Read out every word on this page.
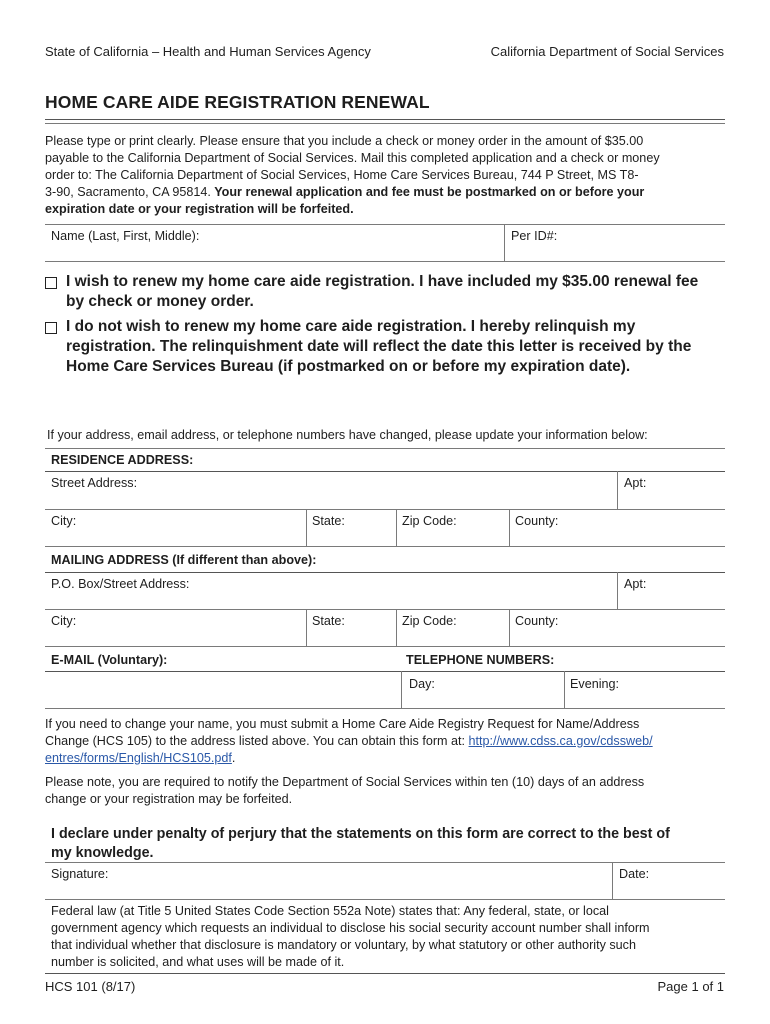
State of California – Health and Human Services Agency	California Department of Social Services
HOME CARE AIDE REGISTRATION RENEWAL
Please type or print clearly. Please ensure that you include a check or money order in the amount of $35.00
payable to the California Department of Social Services. Mail this completed application and a check or money
order to: The California Department of Social Services, Home Care Services Bureau, 744 P Street, MS T8-
3-90, Sacramento, CA 95814. Your renewal application and fee must be postmarked on or before your
expiration date or your registration will be forfeited.
Name (Last, First, Middle):	Per ID#:
I wish to renew my home care aide registration. I have included my $35.00 renewal fee
by check or money order.
I do not wish to renew my home care aide registration. I hereby relinquish my
registration. The relinquishment date will reflect the date this letter is received by the
Home Care Services Bureau (if postmarked on or before my expiration date).
If your address, email address, or telephone numbers have changed, please update your information below:
RESIDENCE ADDRESS:
Street Address:	Apt:
City:	State:	Zip Code:	County:
MAILING ADDRESS (If different than above):
P.O. Box/Street Address:	Apt:
City:	State:	Zip Code:	County:
E-MAIL (Voluntary):	TELEPHONE NUMBERS:
Day:	Evening:
If you need to change your name, you must submit a Home Care Aide Registry Request for Name/Address
Change (HCS 105) to the address listed above. You can obtain this form at: http://www.cdss.ca.gov/cdssweb/
entres/forms/English/HCS105.pdf.
Please note, you are required to notify the Department of Social Services within ten (10) days of an address
change or your registration may be forfeited.
I declare under penalty of perjury that the statements on this form are correct to the best of
my knowledge.
Signature:	Date:
Federal law (at Title 5 United States Code Section 552a Note) states that: Any federal, state, or local
government agency which requests an individual to disclose his social security account number shall inform
that individual whether that disclosure is mandatory or voluntary, by what statutory or other authority such
number is solicited, and what uses will be made of it.
HCS 101 (8/17)	Page 1 of 1
